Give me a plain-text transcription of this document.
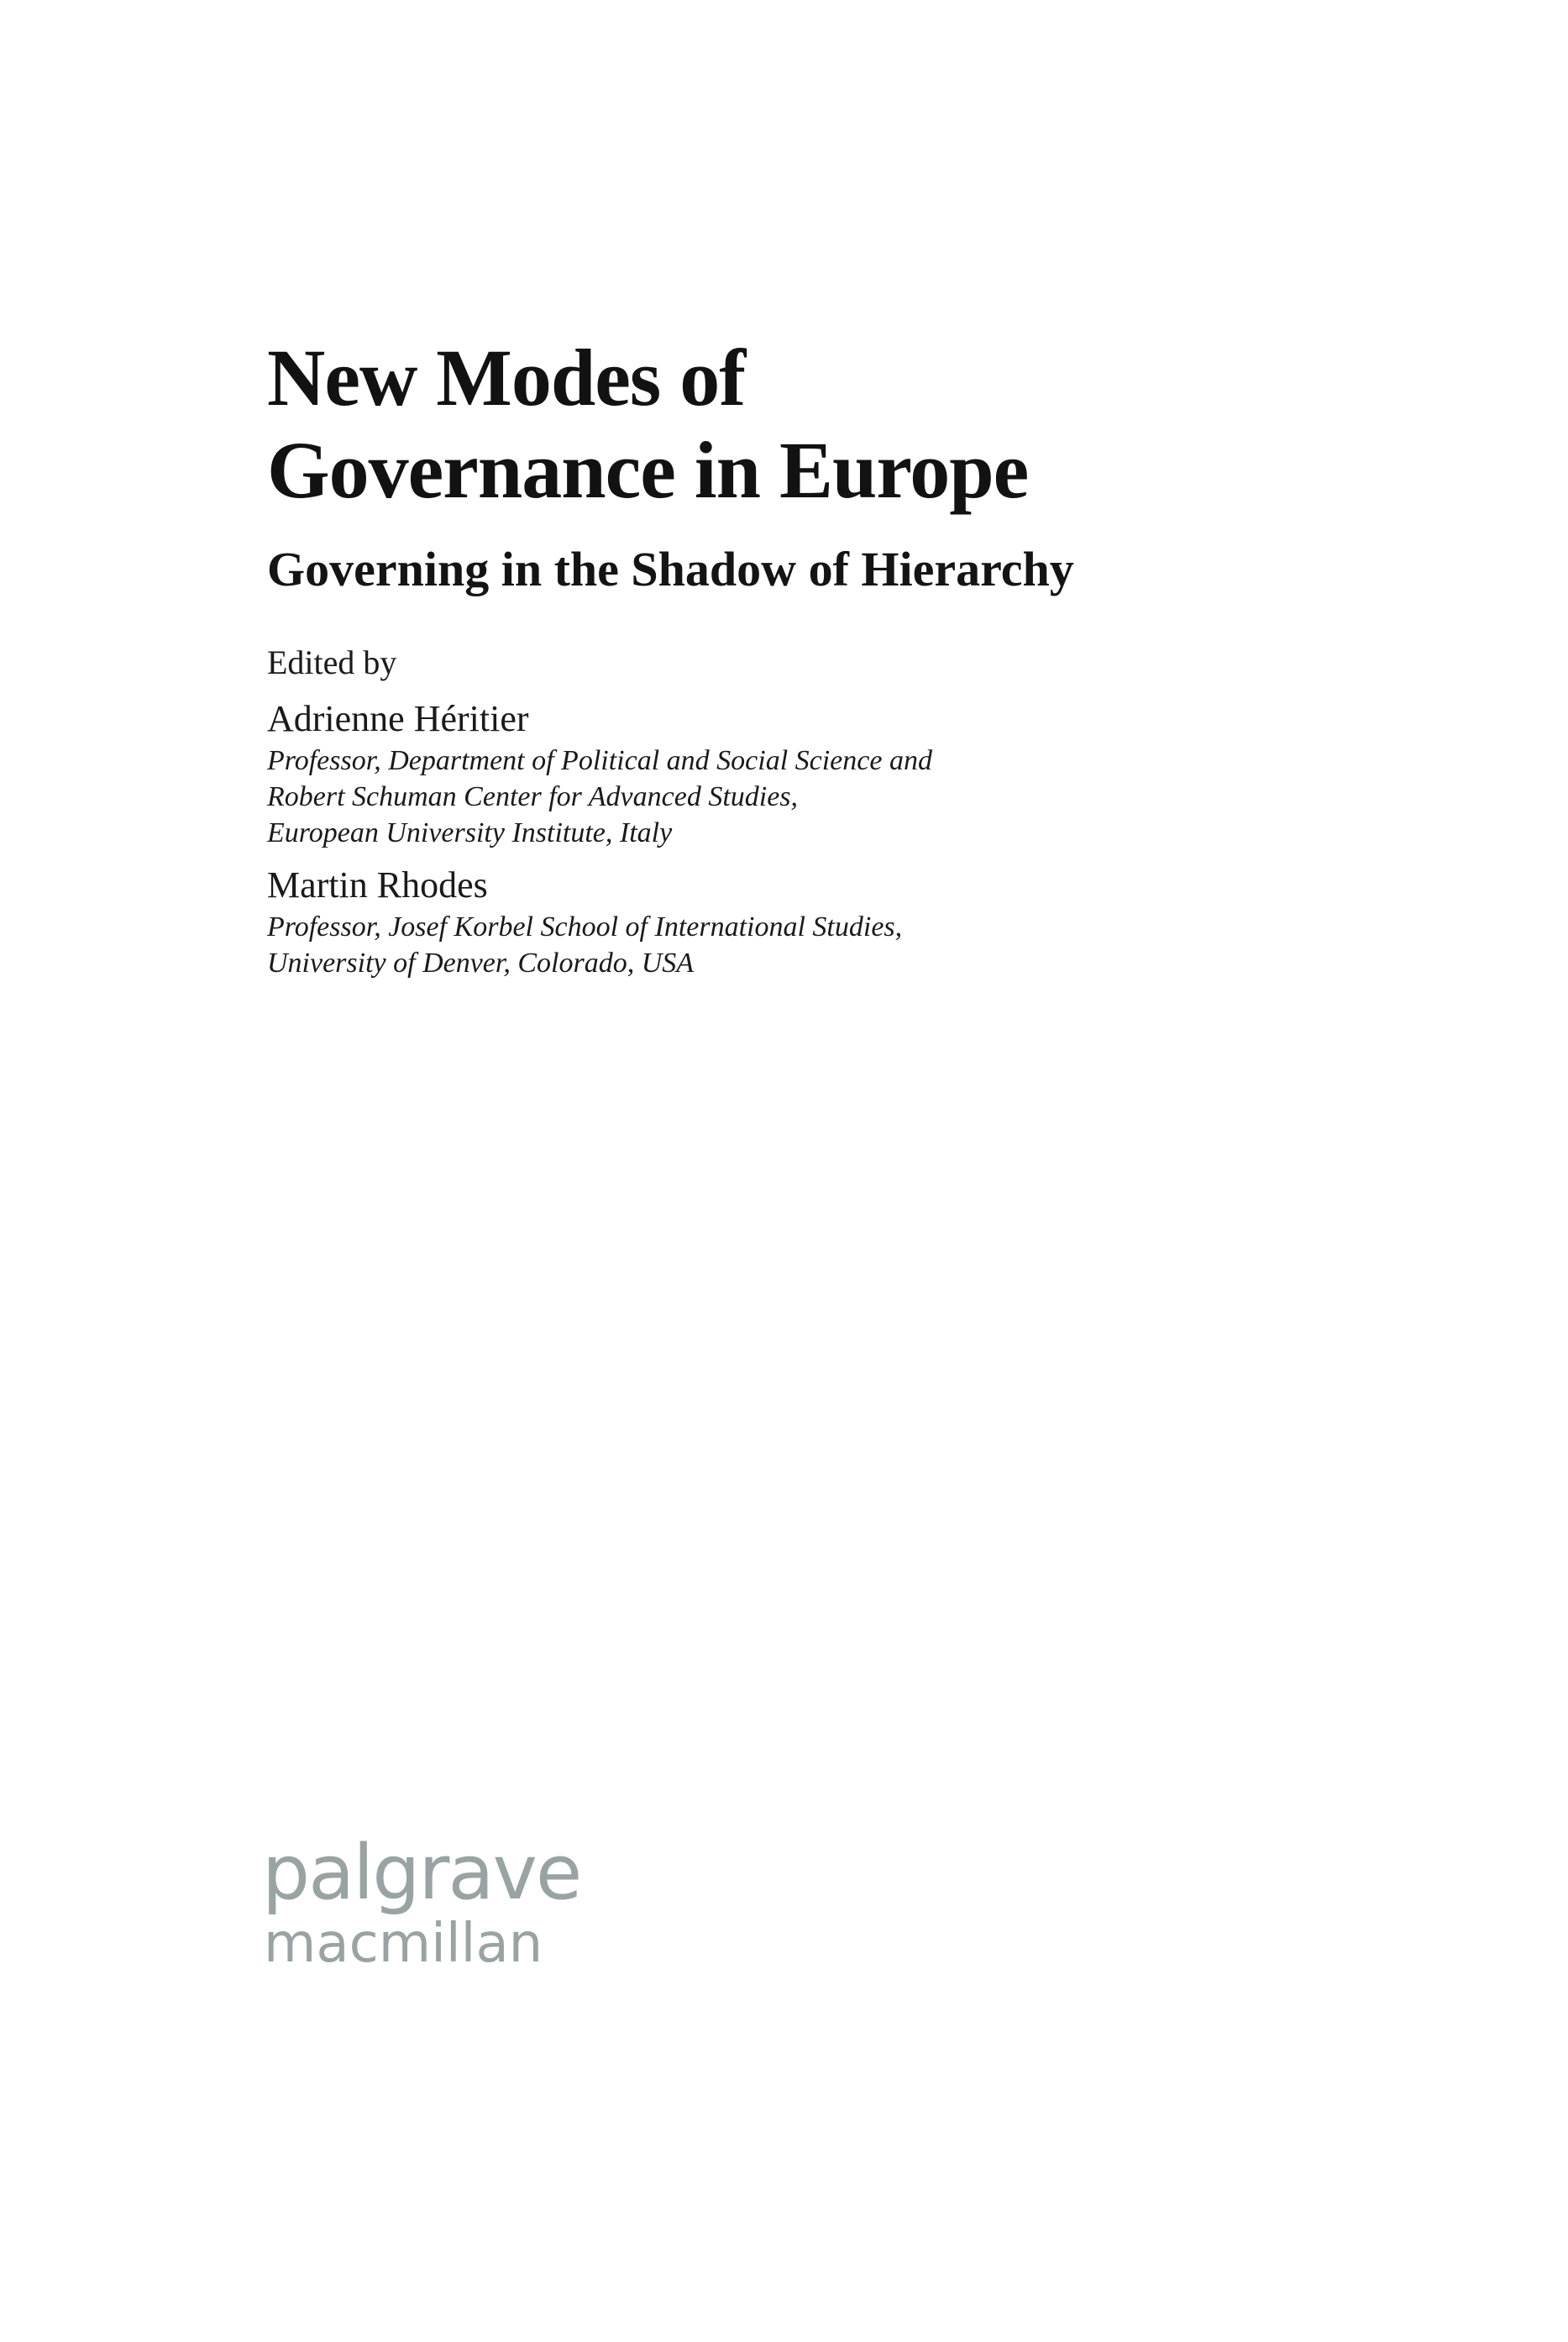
New Modes of
Governance in Europe
Governing in the Shadow of Hierarchy
Edited by
Adrienne Héritier
Professor, Department of Political and Social Science and
Robert Schuman Center for Advanced Studies,
European University Institute, Italy
Martin Rhodes
Professor, Josef Korbel School of International Studies,
University of Denver, Colorado, USA
palgrave
macmillan
